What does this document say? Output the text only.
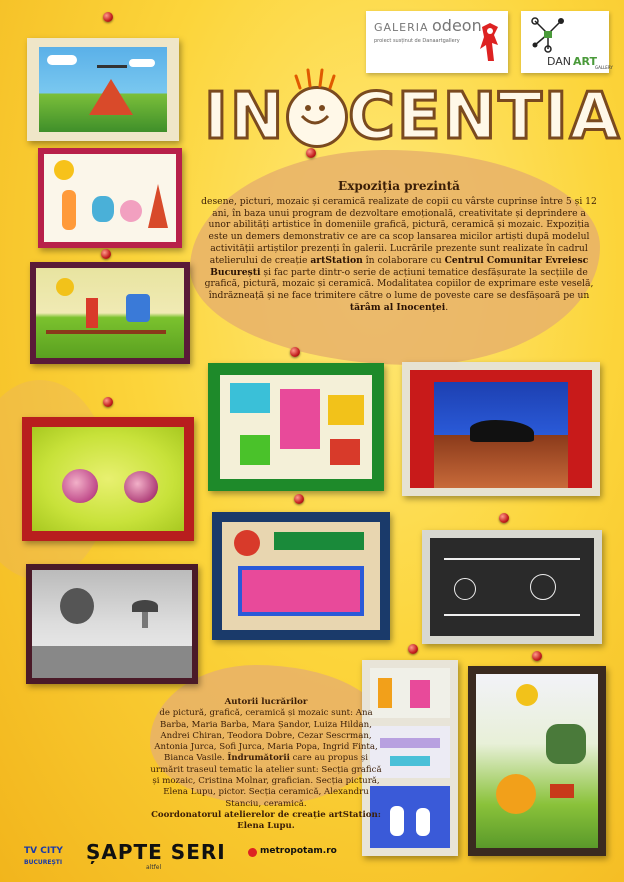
GALERIA odeon
proiect susținut de Danaartgallery
DAN ART
GALLERY
IN CENTIA
Expoziția prezintă
desene, picturi, mozaic și ceramică realizate de copii cu vârste cuprinse între 5 și 12 ani, în baza unui program de dezvoltare emoțională, creativitate și deprindere a unor abilități artistice în domeniile grafică, pictură, ceramică și mozaic. Expoziția este un demers demonstrativ ce are ca scop lansarea micilor artiști după modelul activității artiștilor prezenți în galerii. Lucrările prezente sunt realizate în cadrul atelierului de creație artStation în colaborare cu Centrul Comunitar Evreiesc București și fac parte dintr-o serie de acțiuni tematice desfășurate la secțiile de grafică, pictură, mozaic și ceramică. Modalitatea copiilor de exprimare este veselă, îndrăzneață și ne face trimitere către o lume de poveste care se desfășoară pe un tărâm al Inocenței.
Autorii lucrărilor
de pictură, grafică, ceramică și mozaic sunt: Ana Barba, Maria Barba, Mara Șandor, Luiza Hildan, Andrei Chiran, Teodora Dobre, Cezar Sescrman, Antonia Jurca, Sofi Jurca, Maria Popa, Ingrid Finta, Bianca Vasile. Îndrumătorii care au propus și urmărit traseul tematic la atelier sunt: Secția grafică și mozaic, Cristina Molnar, grafician. Secția pictură, Elena Lupu, pictor. Secția ceramică, Alexandru Stanciu, ceramică.
Coordonatorul atelierelor de creație artStation: Elena Lupu.
TV CITY
BUCUREȘTI ȘAPTE SERI
altfel
metropotam.ro
